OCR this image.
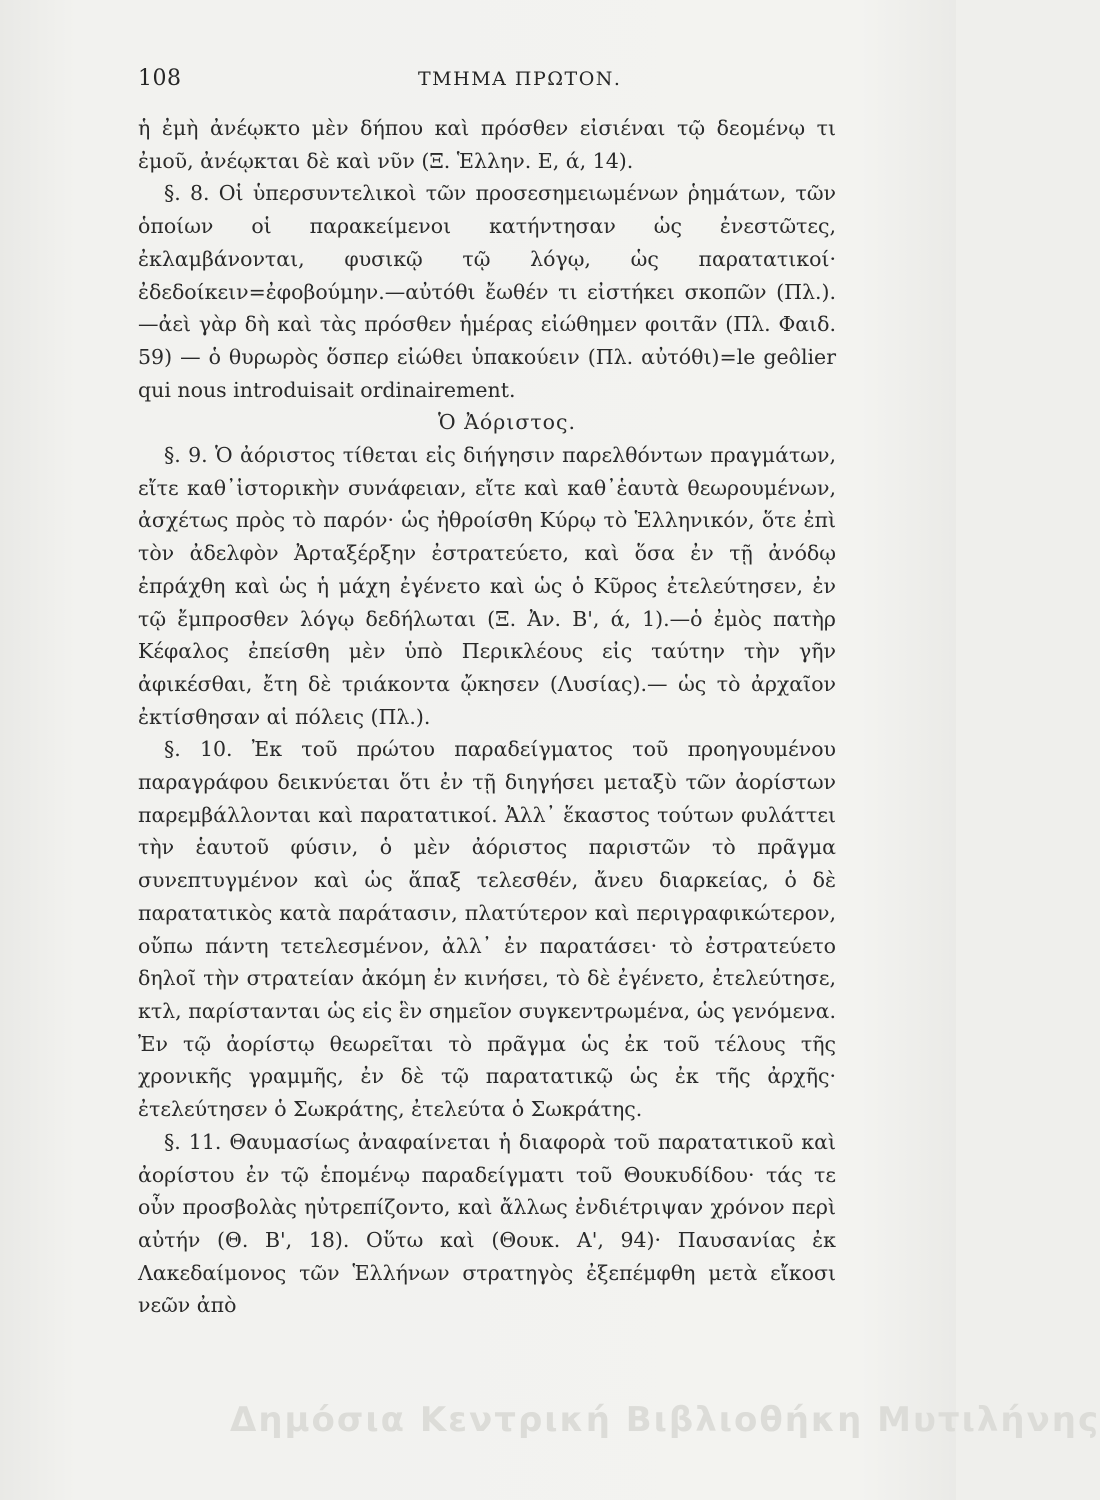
108	ΤΜΗΜΑ ΠΡΩΤΟΝ.

ἡ ἐμὴ ἀνέῳκτο μὲν δήπου καὶ πρόσθεν εἰσιέναι τῷ δεομένῳ τι ἐμοῦ, ἀνέῳκται δὲ καὶ νῦν (Ξ. Ἑλλην. Ε, ά, 14).

§. 8. Οἱ ὑπερσυντελικοὶ τῶν προσεσημειωμένων ῥημάτων, τῶν ὁποίων οἱ παρακείμενοι κατήντησαν ὡς ἐνεστῶτες, ἐκλαμβάνονται, φυσικῷ τῷ λόγῳ, ὡς παρατατικοί· ἐδεδοίκειν=ἐφοβούμην.—αὐτόθι ἔωθέν τι εἰστήκει σκοπῶν (Πλ.).—ἀεὶ γὰρ δὴ καὶ τὰς πρόσθεν ἡμέρας εἰώθημεν φοιτᾶν (Πλ. Φαιδ. 59) — ὁ θυρωρὸς ὅσπερ εἰώθει ὑπακούειν (Πλ. αὐτόθι)=le geôlier qui nous introduisait ordinairement.

Ὁ Ἀόριστος.

§. 9. Ὁ ἀόριστος τίθεται εἰς διήγησιν παρελθόντων πραγμάτων, εἴτε καθ᾽ἱστορικὴν συνάφειαν, εἴτε καὶ καθ᾽ἑαυτὰ θεωρουμένων, ἀσχέτως πρὸς τὸ παρόν· ὡς ἠθροίσθη Κύρῳ τὸ Ἑλληνικόν, ὅτε ἐπὶ τὸν ἀδελφὸν Ἀρταξέρξην ἐστρατεύετο, καὶ ὅσα ἐν τῇ ἀνόδῳ ἐπράχθη καὶ ὡς ἡ μάχη ἐγένετο καὶ ὡς ὁ Κῦρος ἐτελεύτησεν, ἐν τῷ ἔμπροσθεν λόγῳ δεδήλωται (Ξ. Ἀν. Β', ά, 1).—ὁ ἐμὸς πατὴρ Κέφαλος ἐπείσθη μὲν ὑπὸ Περικλέους εἰς ταύτην τὴν γῆν ἀφικέσθαι, ἔτη δὲ τριάκοντα ᾤκησεν (Λυσίας).— ὡς τὸ ἀρχαῖον ἐκτίσθησαν αἱ πόλεις (Πλ.).

§. 10. Ἐκ τοῦ πρώτου παραδείγματος τοῦ προηγουμένου παραγράφου δεικνύεται ὅτι ἐν τῇ διηγήσει μεταξὺ τῶν ἀορίστων παρεμβάλλονται καὶ παρατατικοί. Ἀλλ᾽ ἕκαστος τούτων φυλάττει τὴν ἑαυτοῦ φύσιν, ὁ μὲν ἀόριστος παριστῶν τὸ πρᾶγμα συνεπτυγμένον καὶ ὡς ἅπαξ τελεσθέν, ἄνευ διαρκείας, ὁ δὲ παρατατικὸς κατὰ παράτασιν, πλατύτερον καὶ περιγραφικώτερον, οὔπω πάντη τετελεσμένον, ἀλλ᾽ ἐν παρατάσει· τὸ ἐστρατεύετο δηλοῖ τὴν στρατείαν ἀκόμη ἐν κινήσει, τὸ δὲ ἐγένετο, ἐτελεύτησε, κτλ, παρίστανται ὡς εἰς ἓν σημεῖον συγκεντρωμένα, ὡς γενόμενα. Ἐν τῷ ἀορίστῳ θεωρεῖται τὸ πρᾶγμα ὡς ἐκ τοῦ τέλους τῆς χρονικῆς γραμμῆς, ἐν δὲ τῷ παρατατικῷ ὡς ἐκ τῆς ἀρχῆς· ἐτελεύτησεν ὁ Σωκράτης, ἐτελεύτα ὁ Σωκράτης.

§. 11. Θαυμασίως ἀναφαίνεται ἡ διαφορὰ τοῦ παρατατικοῦ καὶ ἀορίστου ἐν τῷ ἑπομένῳ παραδείγματι τοῦ Θουκυδίδου· τάς τε οὖν προσβολὰς ηὐτρεπίζοντο, καὶ ἄλλως ἐνδιέτριψαν χρόνον περὶ αὐτήν (Θ. Β', 18). Οὕτω καὶ (Θουκ. Α', 94)· Παυσανίας ἐκ Λακεδαίμονος τῶν Ἑλλήνων στρατηγὸς ἐξεπέμφθη μετὰ εἴκοσι νεῶν ἀπὸ

Δημόσια Κεντρική Βιβλιοθήκη Μυτιλήνης
